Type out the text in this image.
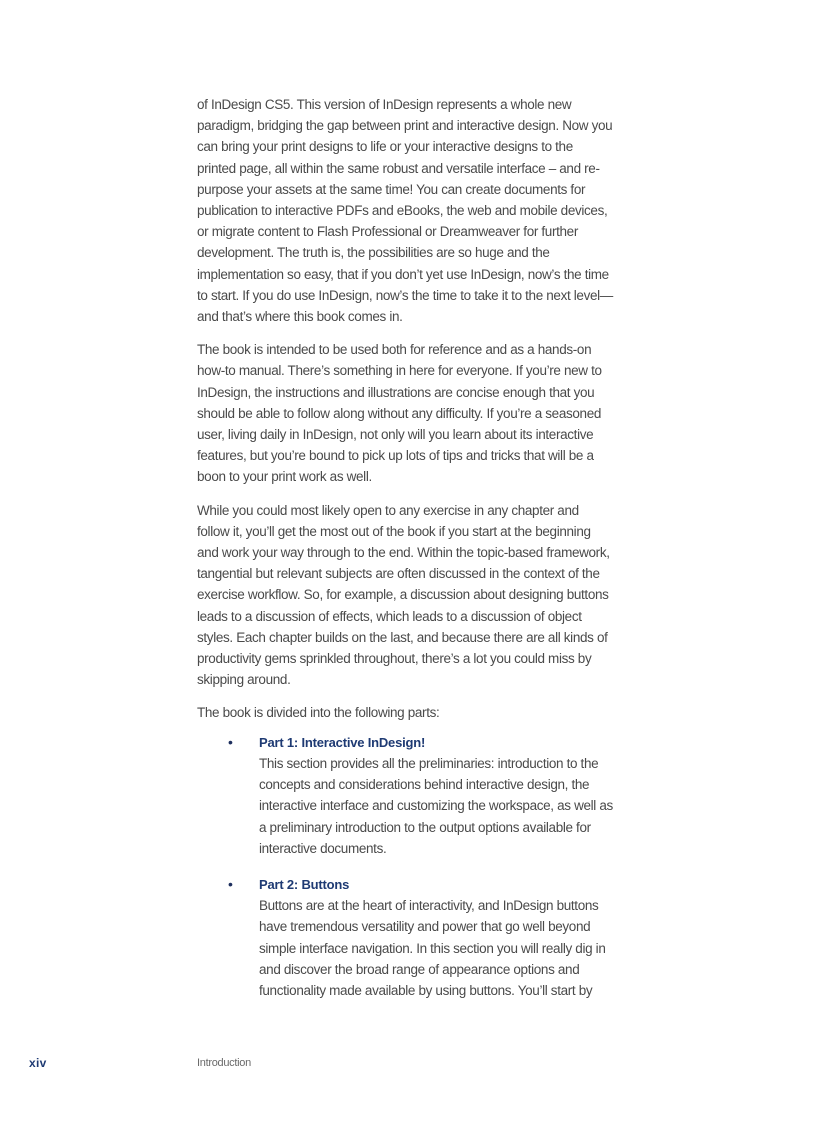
of InDesign CS5. This version of InDesign represents a whole new paradigm, bridging the gap between print and interactive design. Now you can bring your print designs to life or your interactive designs to the printed page, all within the same robust and versatile interface – and re-purpose your assets at the same time! You can create documents for publication to interactive PDFs and eBooks, the web and mobile devices, or migrate content to Flash Professional or Dreamweaver for further development. The truth is, the possibilities are so huge and the implementation so easy, that if you don’t yet use InDesign, now’s the time to start. If you do use InDesign, now’s the time to take it to the next level—and that’s where this book comes in.

The book is intended to be used both for reference and as a hands-on how-to manual. There’s something in here for everyone. If you’re new to InDesign, the instructions and illustrations are concise enough that you should be able to follow along without any difficulty. If you’re a seasoned user, living daily in InDesign, not only will you learn about its interactive features, but you’re bound to pick up lots of tips and tricks that will be a boon to your print work as well.

While you could most likely open to any exercise in any chapter and follow it, you’ll get the most out of the book if you start at the beginning and work your way through to the end. Within the topic-based framework, tangential but relevant subjects are often discussed in the context of the exercise workflow. So, for example, a discussion about designing buttons leads to a discussion of effects, which leads to a discussion of object styles. Each chapter builds on the last, and because there are all kinds of productivity gems sprinkled throughout, there’s a lot you could miss by skipping around.

The book is divided into the following parts:

• Part 1: Interactive InDesign!
This section provides all the preliminaries: introduction to the concepts and considerations behind interactive design, the interactive interface and customizing the workspace, as well as a preliminary introduction to the output options available for interactive documents.
• Part 2: Buttons
Buttons are at the heart of interactivity, and InDesign buttons have tremendous versatility and power that go well beyond simple interface navigation. In this section you will really dig in and discover the broad range of appearance options and functionality made available by using buttons. You’ll start by
xiv	Introduction
